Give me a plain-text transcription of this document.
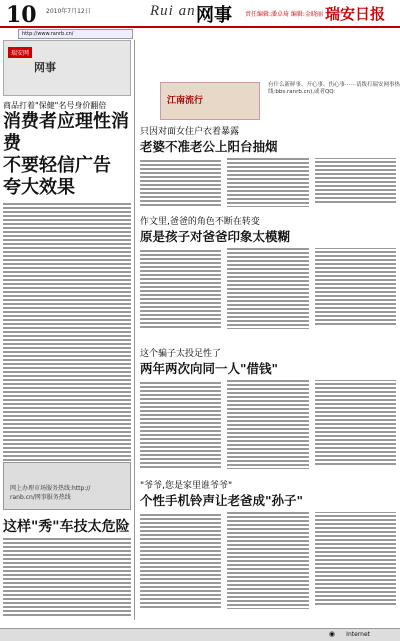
10 2010年7月12日	Rui an 网事 责任编辑:潘卓琦 编辑:金晓丽 瑞安日报
http://www.ranrb.cn/
瑞安网
网事
商品打着"保健"名号身价翻倍
消费者应理性消费
不要轻信广告
夸大效果
网上办理市场服务热线:http://
ranb.cn/网事服务热线
这样"秀"车技太危险
江南流行
有什么新鲜事、开心事、伤心事⋯⋯请拨打瑞安网事热线:bbs.ranrb.cn),或者QQ:
只因对面女住户衣着暴露
老婆不准老公上阳台抽烟
作文里,爸爸的角色不断在转变
原是孩子对爸爸印象太模糊
这个骗子太投足性了
两年两次向同一人"借钱"
"爷爷,您是家里谁爷爷"
个性手机铃声让老爸成"孙子"
Internet
◉
